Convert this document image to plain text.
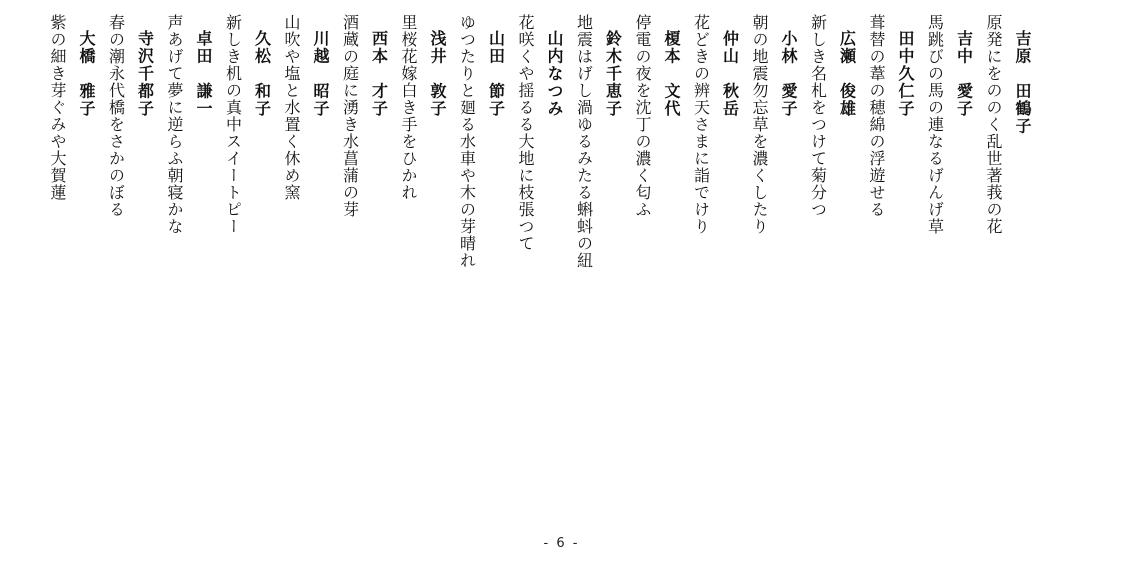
吉原　田鶴子
原発にをののく乱世著莪の花
吉中　愛子
馬跳びの馬の連なるげんげ草
田中久仁子
葺替の葦の穂綿の浮遊せる
広瀬　俊雄
新しき名札をつけて菊分つ
小林　愛子
朝の地震勿忘草を濃くしたり
仲山　秋岳
花どきの辨天さまに詣でけり
榎本　文代
停電の夜を沈丁の濃く匂ふ
鈴木千恵子
地震はげし渦ゆるみたる蝌蚪の紐
山内なつみ
花咲くや揺るる大地に枝張つて
山田　節子
ゆつたりと廻る水車や木の芽晴れ
浅井　敦子
里桜花嫁白き手をひかれ
西本　才子
酒蔵の庭に湧き水菖蒲の芽
川越　昭子
山吹や塩と水置く休め窯
久松　和子
新しき机の真中スイートピー
卓田　謙一
声あげて夢に逆らふ朝寝かな
寺沢千都子
春の潮永代橋をさかのぼる
大橋　雅子
紫の細き芽ぐみや大賀蓮
- 6 -
